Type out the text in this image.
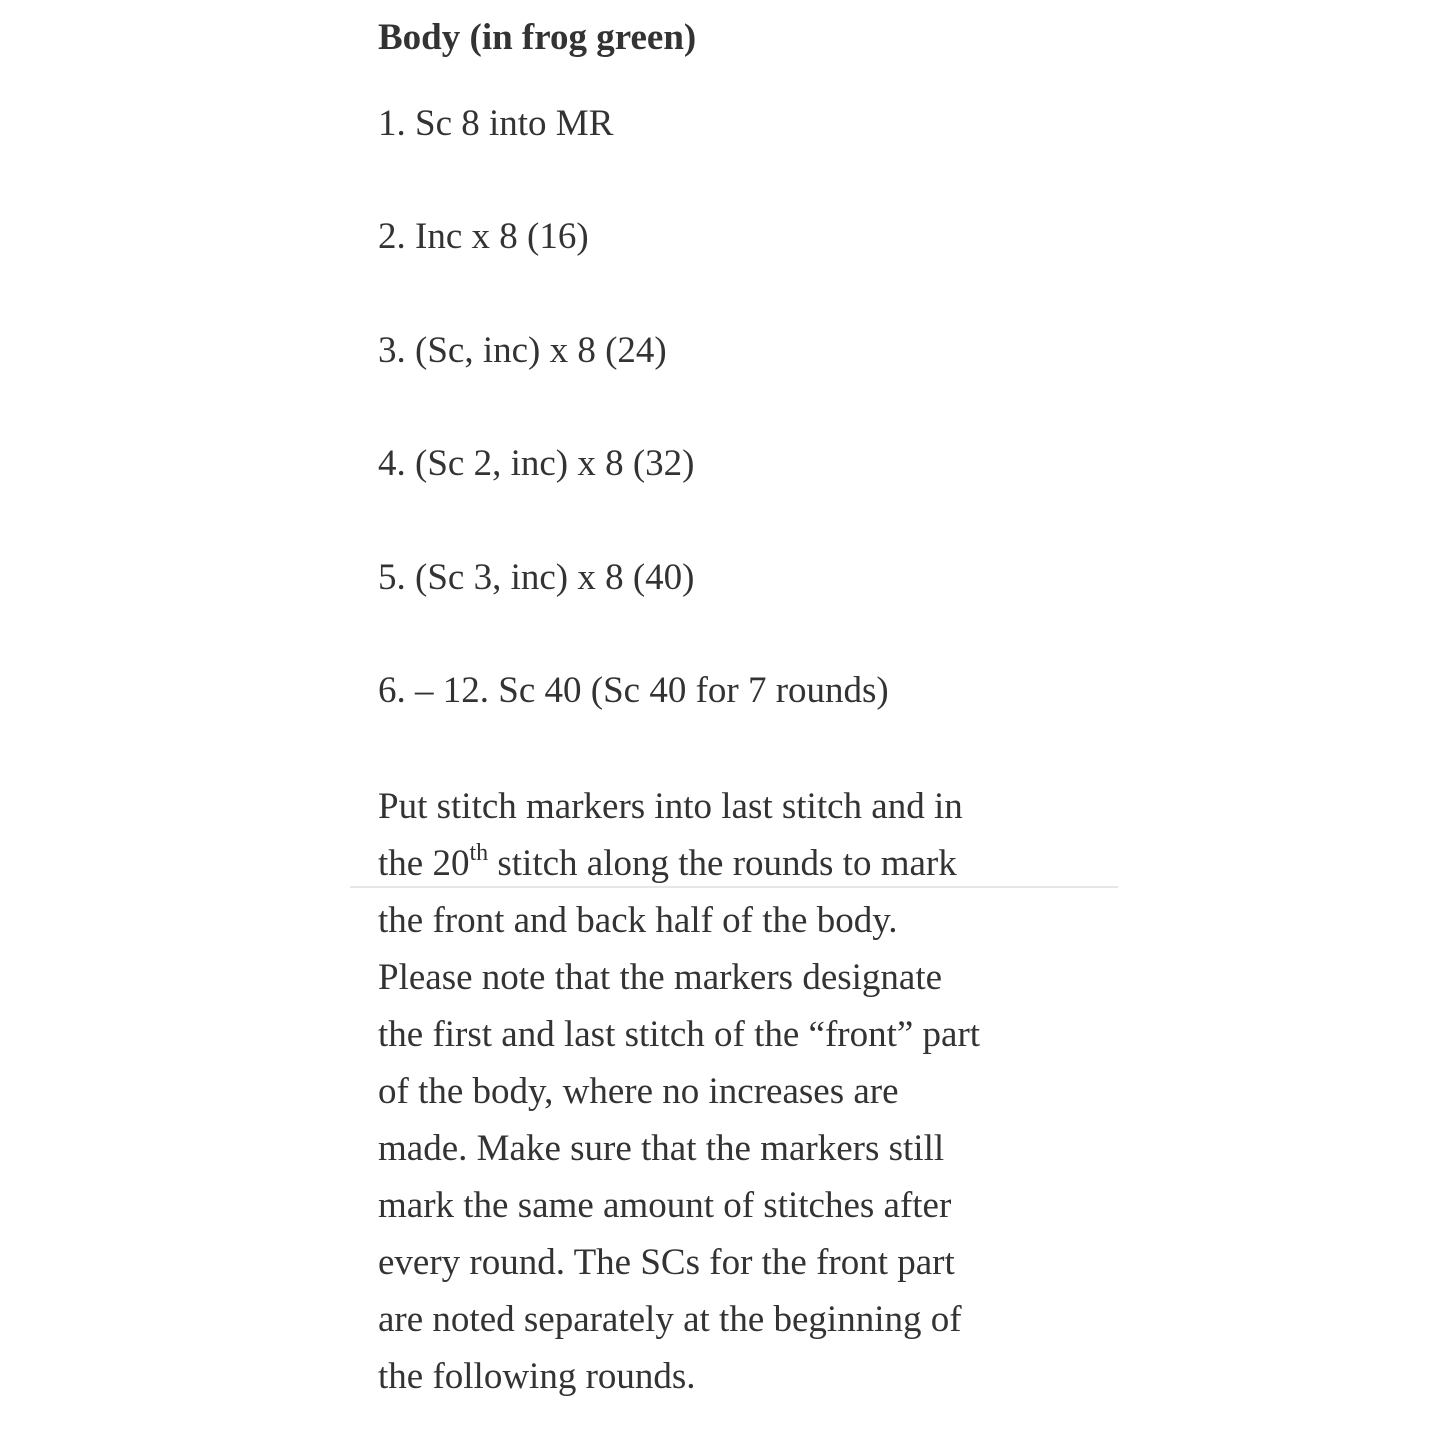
Body (in frog green)

1. Sc 8 into MR

2. Inc x 8 (16)

3. (Sc, inc) x 8 (24)

4. (Sc 2, inc) x 8 (32)

5. (Sc 3, inc) x 8 (40)

6. – 12. Sc 40 (Sc 40 for 7 rounds)

Put stitch markers into last stitch and in
the 20th stitch along the rounds to mark
the front and back half of the body.
Please note that the markers designate
the first and last stitch of the “front” part
of the body, where no increases are
made. Make sure that the markers still
mark the same amount of stitches after
every round. The SCs for the front part
are noted separately at the beginning of
the following rounds.
